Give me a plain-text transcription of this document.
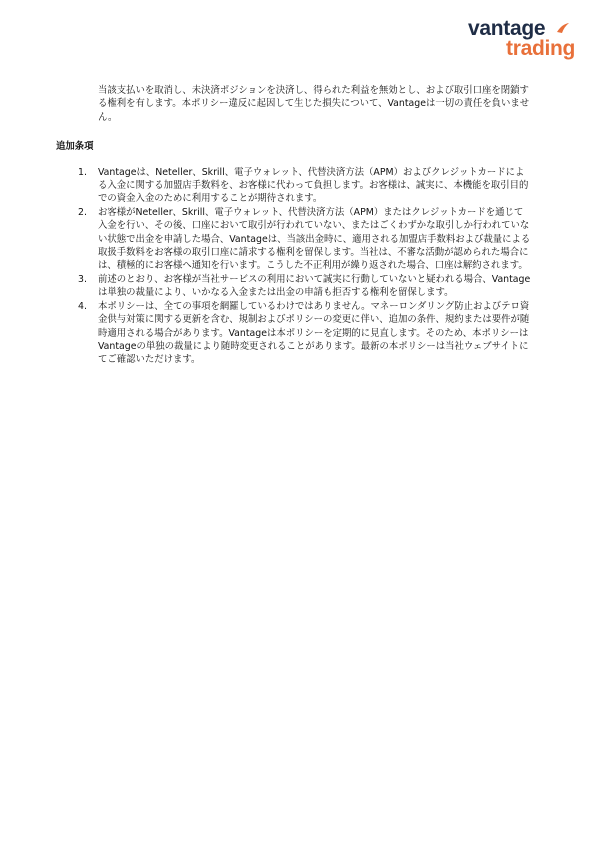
vantage
trading

当該支払いを取消し、未決済ポジションを決済し、得られた利益を無効とし、および取引口座を閉鎖する権利を有します。本ポリシー違反に起因して生じた損失について、Vantageは一切の責任を負いません。

追加条項
1. Vantageは、Neteller、Skrill、電子ウォレット、代替決済方法（APM）およびクレジットカードによる入金に関する加盟店手数料を、お客様に代わって負担します。お客様は、誠実に、本機能を取引目的での資金入金のために利用することが期待されます。
2. お客様がNeteller、Skrill、電子ウォレット、代替決済方法（APM）またはクレジットカードを通じて入金を行い、その後、口座において取引が行われていない、またはごくわずかな取引しか行われていない状態で出金を申請した場合、Vantageは、当該出金時に、適用される加盟店手数料および裁量による取扱手数料をお客様の取引口座に請求する権利を留保します。当社は、不審な活動が認められた場合には、積極的にお客様へ通知を行います。こうした不正利用が繰り返された場合、口座は解約されます。
3. 前述のとおり、お客様が当社サービスの利用において誠実に行動していないと疑われる場合、Vantageは単独の裁量により、いかなる入金または出金の申請も拒否する権利を留保します。
4. 本ポリシーは、全ての事項を網羅しているわけではありません。マネーロンダリング防止およびテロ資金供与対策に関する更新を含む、規制およびポリシーの変更に伴い、追加の条件、規約または要件が随時適用される場合があります。Vantageは本ポリシーを定期的に見直します。そのため、本ポリシーはVantageの単独の裁量により随時変更されることがあります。最新の本ポリシーは当社ウェブサイトにてご確認いただけます。
